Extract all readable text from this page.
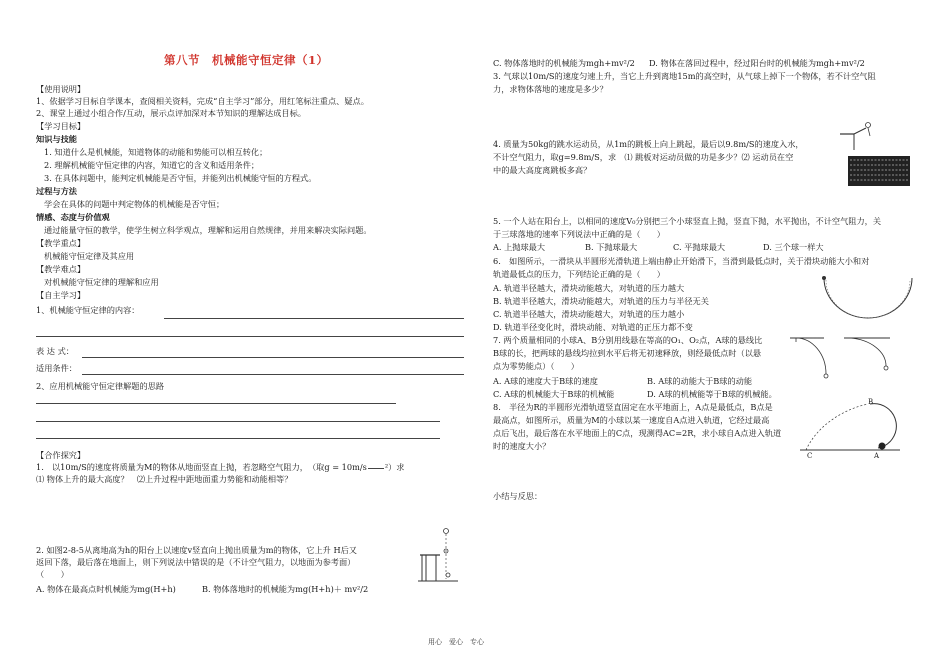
第八节　机械能守恒定律（1）
【使用说明】
1、依据学习目标自学课本，查阅相关资料，完成“自主学习”部分，用红笔标注重点、疑点。
2、课堂上通过小组合作/互动，展示点评加深对本节知识的理解达成目标。
【学习目标】
知识与技能
1. 知道什么是机械能，知道物体的动能和势能可以相互转化；
2. 理解机械能守恒定律的内容，知道它的含义和适用条件；
3. 在具体问题中，能判定机械能是否守恒，并能列出机械能守恒的方程式。
过程与方法
学会在具体的问题中判定物体的机械能是否守恒；
情感、态度与价值观
通过能量守恒的教学，使学生树立科学观点，理解和运用自然规律，并用来解决实际问题。
【教学重点】
机械能守恒定律及其应用
【教学难点】
对机械能守恒定律的理解和应用
【自主学习】
1、机械能守恒定律的内容：
表 达 式：
适用条件：
2、应用机械能守恒定律解题的思路
【合作探究】
1.　以10m/S的速度将质量为M的物体从地面竖直上抛，若忽略空气阻力，　（取g = 10m/s ²）求
⑴ 物体上升的最大高度？　⑵上升过程中距地面重力势能和动能相等？
2. 如图2-8-5从离地高为h的阳台上以速度v竖直向上抛出质量为m的物体，它上升 H后又
返回下落，最后落在地面上，则下列说法中错误的是（不计空气阻力，以地面为参考面）
（　　）
A. 物体在最高点时机械能为mg(H+h)	B. 物体落地时的机械能为mg(H+h)＋ mv²/2
C. 物体落地时的机械能为mgh+mv²/2 D. 物体在落回过程中，经过阳台时的机械能为mgh+mv²/2
3. 气球以10m/S的速度匀速上升，当它上升到离地15m的高空时，从气球上掉下一个物体，若不计空气阻
力，求物体落地的速度是多少？
4. 质量为50kg的跳水运动员，从1m的跳板上向上跳起，最后以9.8m/S的速度入水，
不计空气阻力，取g=9.8m/S，求　⑴ 跳板对运动员做的功是多少？⑵ 运动员在空
中的最大高度离跳板多高？
5. 一个人站在阳台上，以相同的速度V₀分别把三个小球竖直上抛，竖直下抛，水平抛出，不计空气阻力，关
于三球落地的速率下列说法中正确的是（　　）
A. 上抛球最大	B. 下抛球最大	C. 平抛球最大	D. 三个球一样大
6.　如图所示，一滑块从半圆形光滑轨道上端由静止开始滑下，当滑到最低点时，关于滑块动能大小和对
轨道最低点的压力，下列结论正确的是（　　）
A. 轨道半径越大，滑块动能越大，对轨道的压力越大
B. 轨道半径越大，滑块动能越大，对轨道的压力与半径无关
C. 轨道半径越大，滑块动能越大，对轨道的压力越小
D. 轨道半径变化时，滑块动能、对轨道的正压力都不变
7. 两个质量相同的小球A、B分别用线悬在等高的O₁、O₂点，A球的悬线比
B球的长，把两球的悬线均拉到水平后将无初速释放，则经最低点时（以悬
点为零势能点）（　　）
A. A球的速度大于B球的速度	B. A球的动能大于B球的动能
C. A球的机械能大于B球的机械能	D. A球的机械能等于B球的机械能。
8.　半径为R的半圆形光滑轨道竖直固定在水平地面上，A点是最低点，B点是
最高点，如图所示，质量为M的小球以某一速度自A点进入轨道，它经过最高
点后飞出，最后落在水平地面上的C点，现测得AC=2R，求小球自A点进入轨道
时的速度大小？
小结与反思：
B
C	A
用心　爱心　专心
